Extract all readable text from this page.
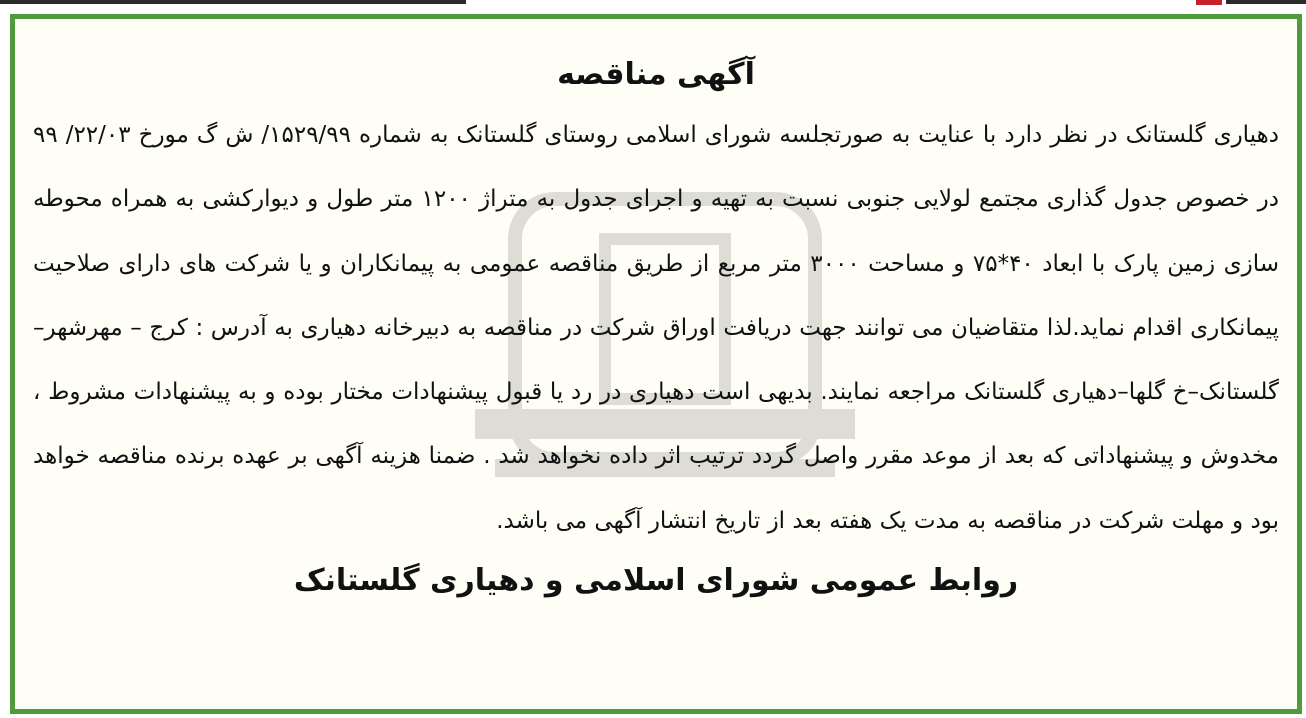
آگهی مناقصه

دهیاری گلستانک در نظر دارد با عنایت به صورتجلسه شورای اسلامی روستای گلستانک به شماره ۱۵۲۹/۹۹/ ش گ مورخ ۲۲/۰۳/ ۹۹ در خصوص جدول گذاری مجتمع لولایی جنوبی نسبت به تهیه و اجرای جدول به متراژ ۱۲۰۰ متر طول و دیوارکشی به همراه محوطه سازی زمین پارک با ابعاد ۴۰*۷۵ و مساحت ۳۰۰۰ متر مربع از طریق مناقصه عمومی به پیمانکاران و یا شرکت های دارای صلاحیت پیمانکاری اقدام نماید.لذا متقاضیان می توانند جهت دریافت اوراق شرکت در مناقصه به دبیرخانه دهیاری به آدرس : کرج – مهرشهر– گلستانک–خ گلها–دهیاری گلستانک مراجعه نمایند. بدیهی است دهیاری در رد یا قبول پیشنهادات مختار بوده و به پیشنهادات مشروط ، مخدوش و پیشنهاداتی که بعد از موعد مقرر واصل گردد ترتیب اثر داده نخواهد شد . ضمنا هزینه آگهی بر عهده برنده مناقصه خواهد بود و مهلت شرکت در مناقصه به مدت یک هفته بعد از تاریخ انتشار آگهی می باشد.

روابط عمومی شورای اسلامی و دهیاری گلستانک
